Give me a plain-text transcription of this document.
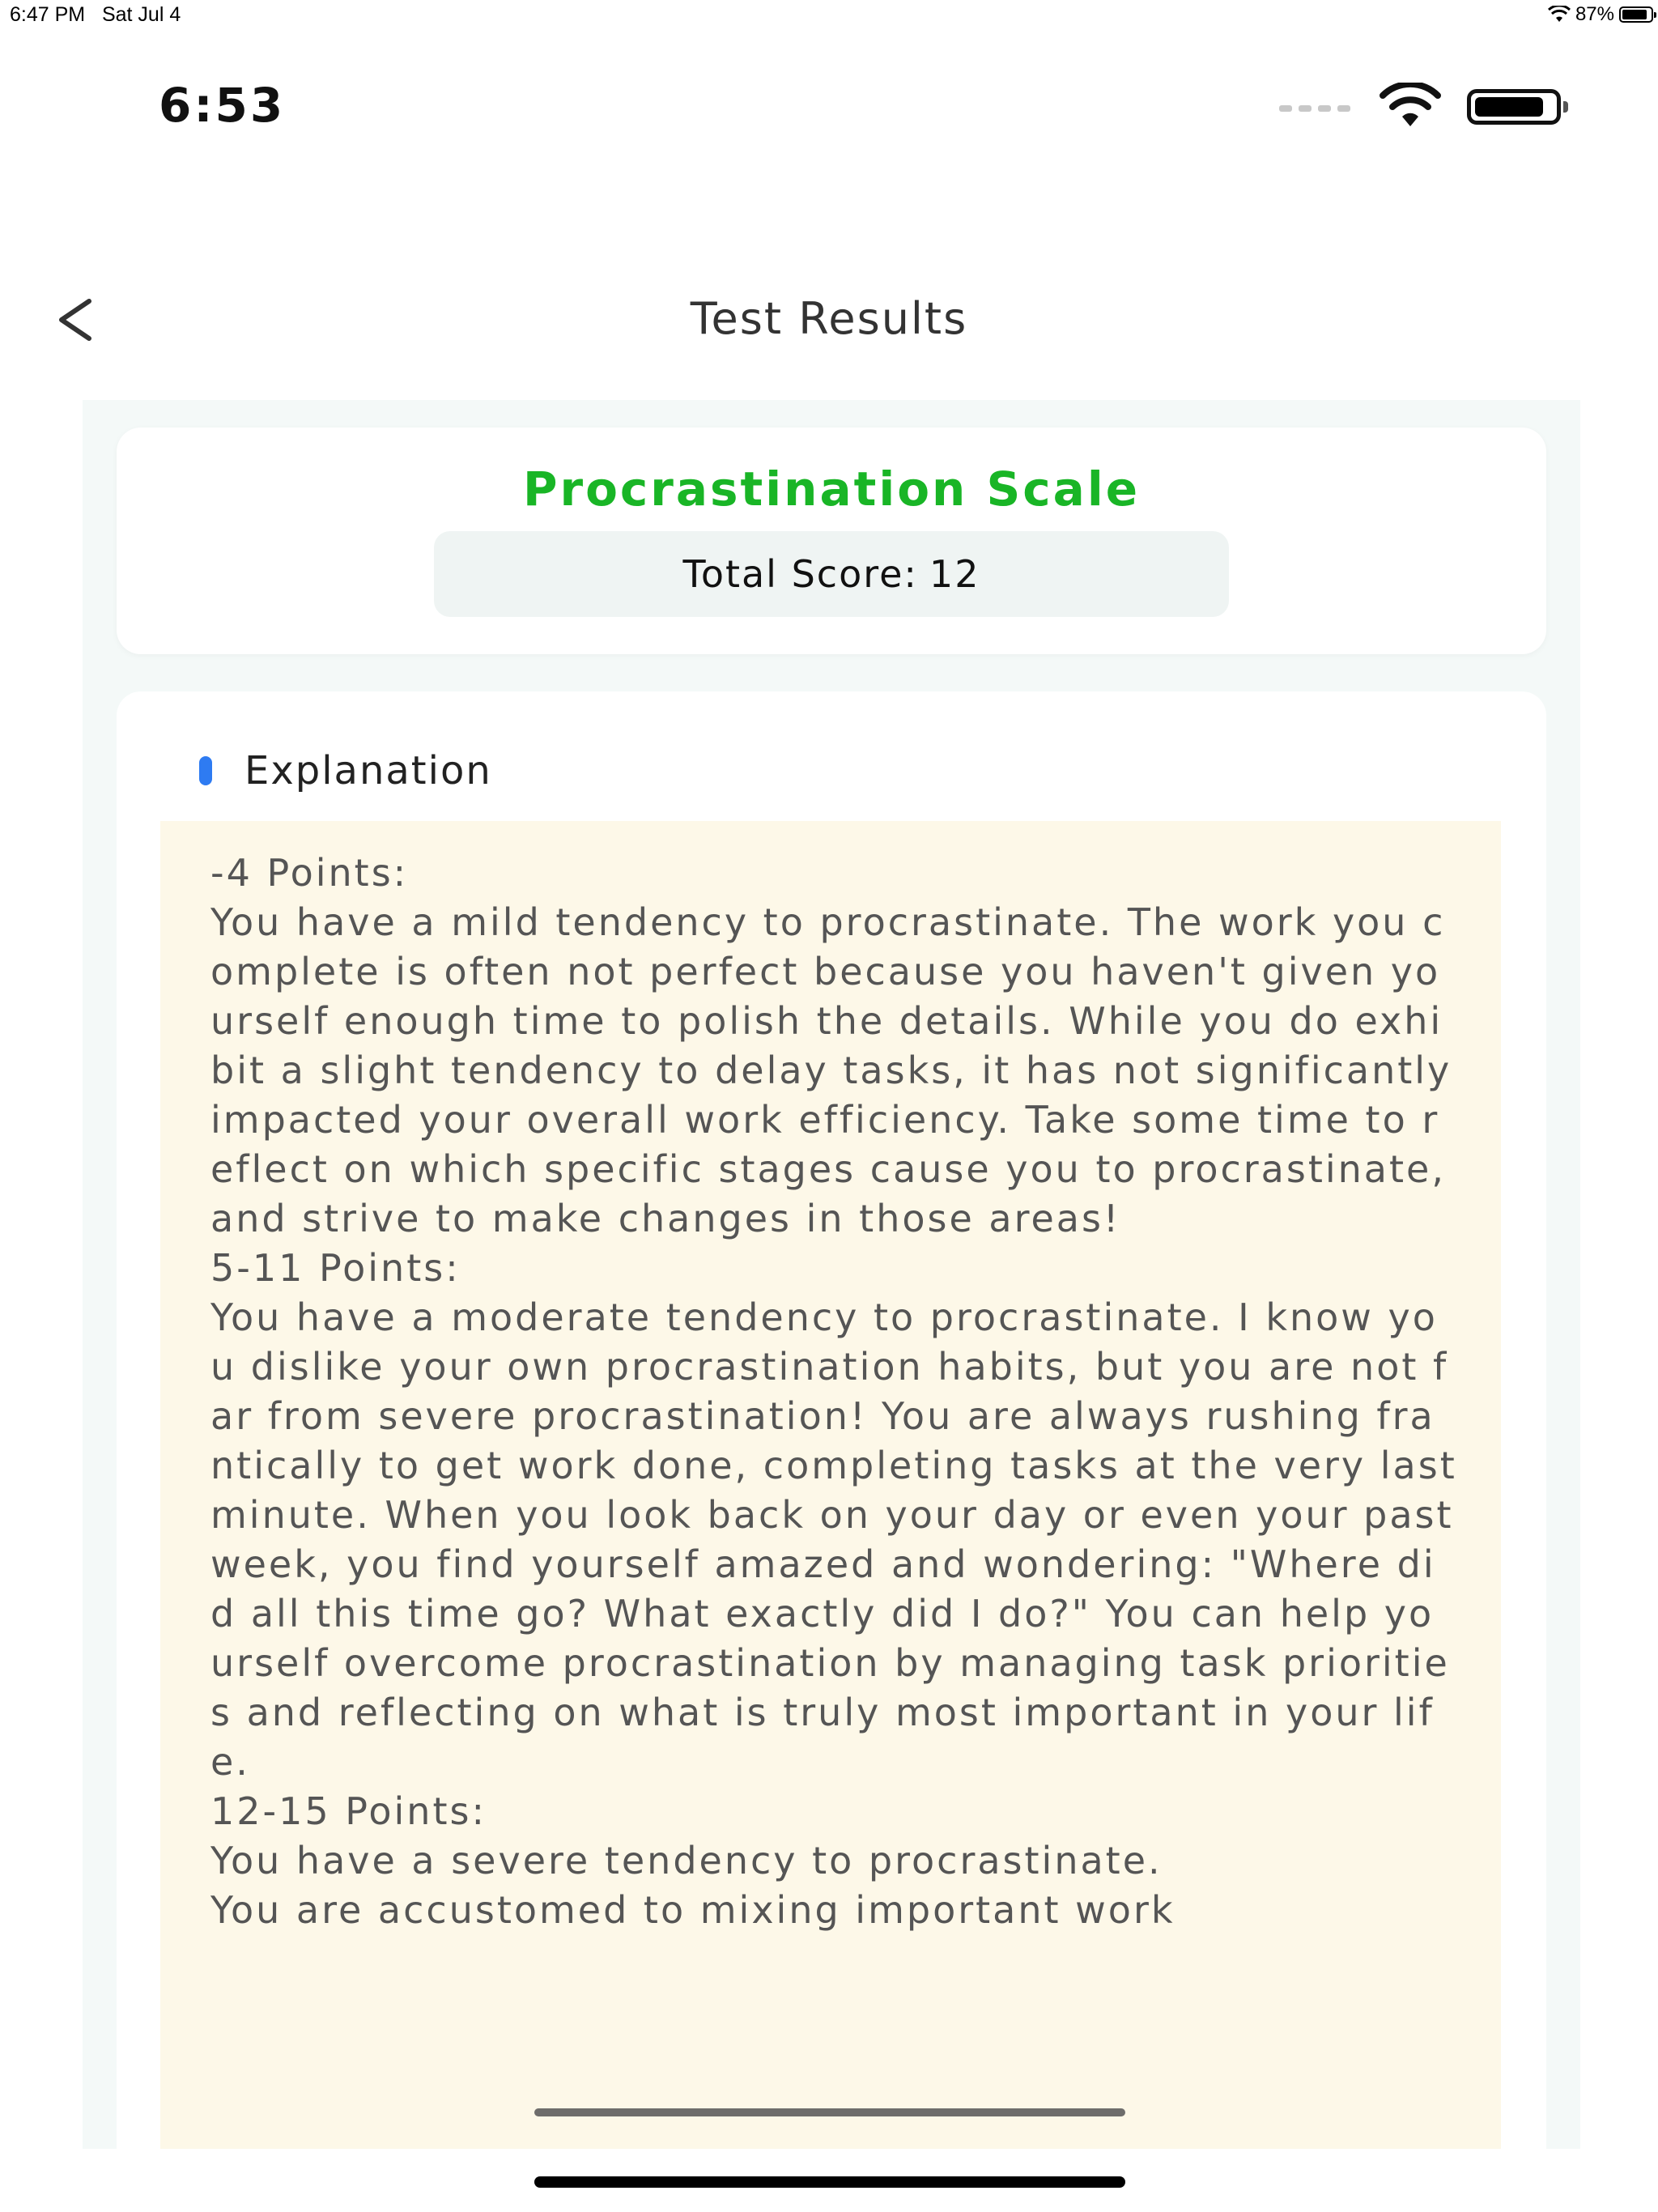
6:47 PM Sat Jul 4	87%
6:53
Test Results
Procrastination Scale
Total Score: 12
Explanation
-4 Points:
You have a mild tendency to procrastinate. The work you complete is often not perfect because you haven't given yourself enough time to polish the details. While you do exhibit a slight tendency to delay tasks, it has not significantly impacted your overall work efficiency. Take some time to reflect on which specific stages cause you to procrastinate, and strive to make changes in those areas!
5-11 Points:
You have a moderate tendency to procrastinate. I know you dislike your own procrastination habits, but you are not far from severe procrastination! You are always rushing frantically to get work done, completing tasks at the very last minute. When you look back on your day or even your past week, you find yourself amazed and wondering: "Where did all this time go? What exactly did I do?" You can help yourself overcome procrastination by managing task priorities and reflecting on what is truly most important in your life.
12-15 Points:
You have a severe tendency to procrastinate.
You are accustomed to mixing important work
